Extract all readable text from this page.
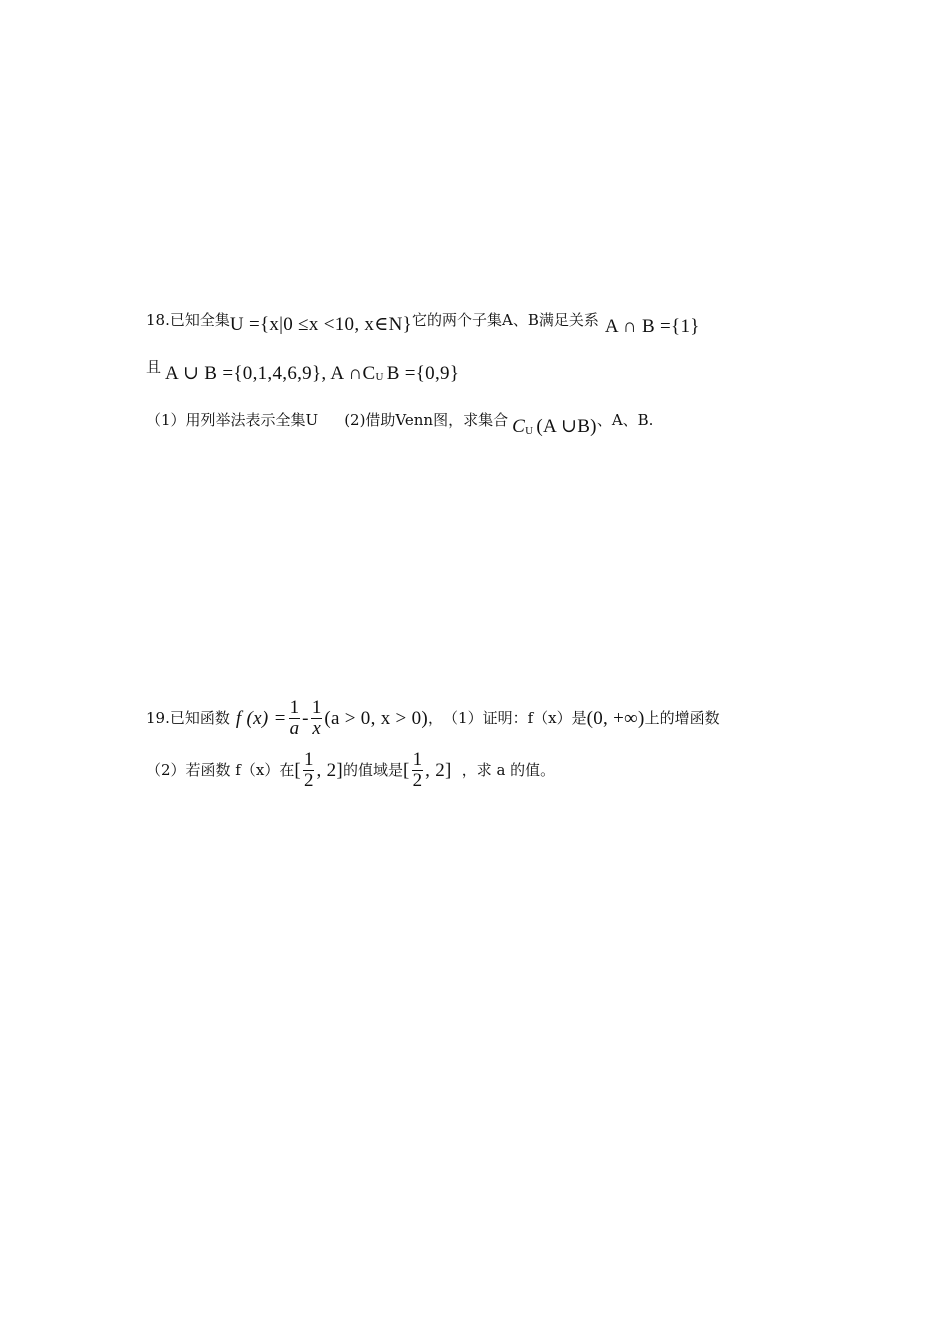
18. 已知全集 U ={x|0 ≤x <10, x∈N} 它的两个子集A、B满足关系 A ∩ B ={1}
且 A ∪ B ={0,1,4,6,9}, A $\cap C_U$ B ={0,9}
（1）用列举法表示全集U (2)借助Venn图，求集合 $C_U$ (A ∪B) 、A、B.
19. 已知函数 f $(x) = \frac{1}{a} - \frac{1}{x} (a > 0$, x > 0) ， （1）证明：f（x）是 (0, +∞) 上的增函数
（2）若函数 f（x）在 [ $\frac{1}{2}$ , 2] 的值域是 [ $\frac{1}{2}$ , 2] ，求 a 的值。
